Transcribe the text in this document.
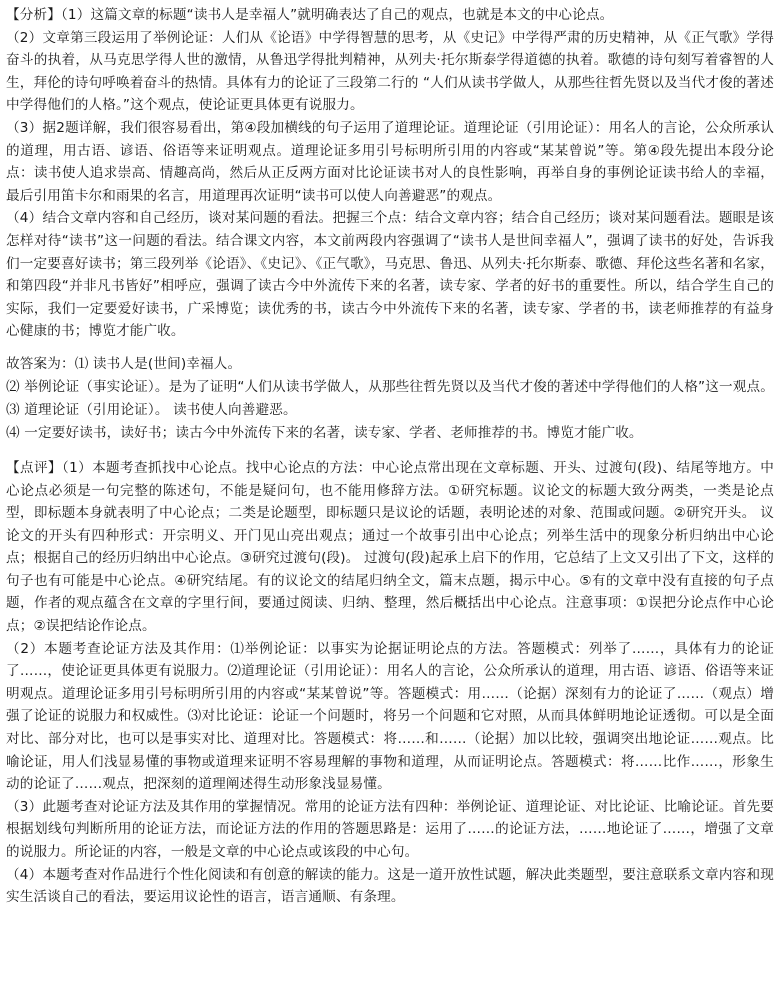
【分析】（1）这篇文章的标题“读书人是幸福人”就明确表达了自己的观点，也就是本文的中心论点。

（2）文章第三段运用了举例论证：人们从《论语》中学得智慧的思考，从《史记》中学得严肃的历史精神，从《正气歌》学得奋斗的执着，从马克思学得人世的激情，从鲁迅学得批判精神，从列夫·托尔斯泰学得道德的执着。歌德的诗句刻写着睿智的人生，拜伦的诗句呼唤着奋斗的热情。具体有力的论证了三段第二行的 “人们从读书学做人，从那些往哲先贤以及当代才俊的著述中学得他们的人格。”这个观点，使论证更具体更有说服力。

（3）据2题详解，我们很容易看出，第④段加横线的句子运用了道理论证。道理论证（引用论证）：用名人的言论，公众所承认的道理，用古语、谚语、俗语等来证明观点。道理论证多用引号标明所引用的内容或“某某曾说”等。第④段先提出本段分论点：读书使人追求崇高、情趣高尚，然后从正反两方面对比论证读书对人的良性影响，再举自身的事例论证读书给人的幸福，最后引用笛卡尔和雨果的名言，用道理再次证明“读书可以使人向善避恶”的观点。

（4）结合文章内容和自己经历，谈对某问题的看法。把握三个点：结合文章内容；结合自己经历；谈对某问题看法。题眼是该怎样对待“读书”这一问题的看法。结合课文内容，本文前两段内容强调了“读书人是世间幸福人”，强调了读书的好处，告诉我们一定要喜好读书；第三段列举《论语》、《史记》、《正气歌》，马克思、鲁迅、从列夫·托尔斯泰、歌德、拜伦这些名著和名家，和第四段“并非凡书皆好”相呼应，强调了读古今中外流传下来的名著，读专家、学者的好书的重要性。所以，结合学生自己的实际，我们一定要爱好读书，广采博览；读优秀的书，读古今中外流传下来的名著，读专家、学者的书，读老师推荐的有益身心健康的书；博览才能广收。

故答案为：⑴ 读书人是(世间)幸福人。

⑵ 举例论证（事实论证）。是为了证明“人们从读书学做人，从那些往哲先贤以及当代才俊的著述中学得他们的人格”这一观点。

⑶ 道理论证（引用论证）。 读书使人向善避恶。

⑷ 一定要好读书，读好书；读古今中外流传下来的名著，读专家、学者、老师推荐的书。博览才能广收。

【点评】（1）本题考查抓找中心论点。找中心论点的方法：中心论点常出现在文章标题、开头、过渡句(段)、结尾等地方。中心论点必须是一句完整的陈述句，不能是疑问句，也不能用修辞方法。①研究标题。议论文的标题大致分两类，一类是论点型，即标题本身就表明了中心论点；二类是论题型，即标题只是议论的话题，表明论述的对象、范围或问题。②研究开头。 议论文的开头有四种形式：开宗明义、开门见山亮出观点；通过一个故事引出中心论点；列举生活中的现象分析归纳出中心论点；根据自己的经历归纳出中心论点。③研究过渡句(段)。 过渡句(段)起承上启下的作用，它总结了上文又引出了下文，这样的句子也有可能是中心论点。④研究结尾。有的议论文的结尾归纳全文，篇末点题，揭示中心。⑤有的文章中没有直接的句子点题，作者的观点蕴含在文章的字里行间，要通过阅读、归纳、整理，然后概括出中心论点。注意事项：①误把分论点作中心论点；②误把结论作论点。

（2）本题考查论证方法及其作用：⑴举例论证：以事实为论据证明论点的方法。答题模式：列举了……，具体有力的论证了……，使论证更具体更有说服力。⑵道理论证（引用论证）：用名人的言论，公众所承认的道理，用古语、谚语、俗语等来证明观点。道理论证多用引号标明所引用的内容或“某某曾说”等。答题模式：用……（论据）深刻有力的论证了……（观点）增强了论证的说服力和权威性。⑶对比论证：论证一个问题时，将另一个问题和它对照，从而具体鲜明地论证透彻。可以是全面对比、部分对比，也可以是事实对比、道理对比。答题模式：将……和……（论据）加以比较，强调突出地论证……观点。比喻论证，用人们浅显易懂的事物或道理来证明不容易理解的事物和道理，从而证明论点。答题模式：将……比作……，形象生动的论证了……观点，把深刻的道理阐述得生动形象浅显易懂。

（3）此题考查对论证方法及其作用的掌握情况。常用的论证方法有四种：举例论证、道理论证、对比论证、比喻论证。首先要根据划线句判断所用的论证方法，而论证方法的作用的答题思路是：运用了……的论证方法，……地论证了……，增强了文章的说服力。所论证的内容，一般是文章的中心论点或该段的中心句。

（4）本题考查对作品进行个性化阅读和有创意的解读的能力。这是一道开放性试题，解决此类题型，要注意联系文章内容和现实生活谈自己的看法，要运用议论性的语言，语言通顺、有条理。
